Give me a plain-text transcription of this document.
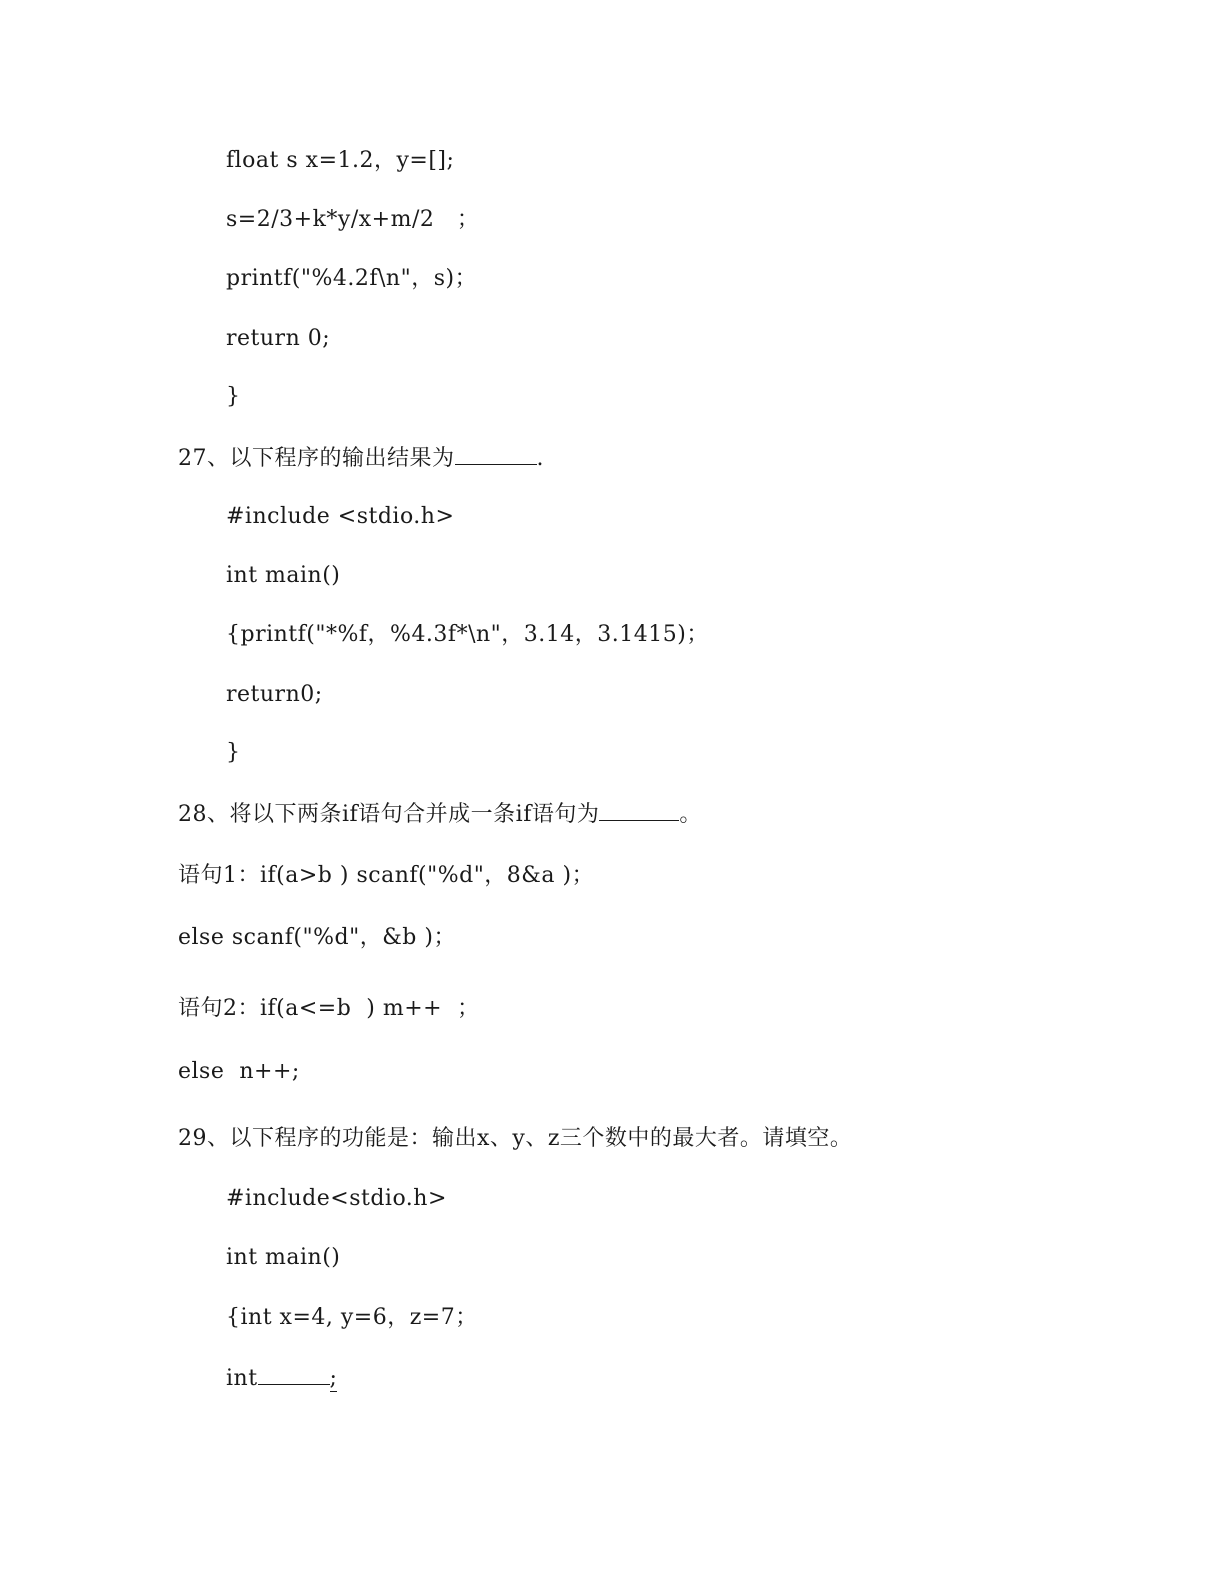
float s x=1.2，y=[];
s=2/3+k*y/x+m/2   ；
printf("%4.2f\n"，s)；
return 0;
}
27、以下程序的输出结果为	.
#include <stdio.h>
int main()
{printf("*%f，%4.3f*\n"，3.14，3.1415)；
return0;
}
28、将以下两条if语句合并成一条if语句为	。
语句1：if(a>b ) scanf("%d"，8&a )；
else scanf("%d"，&b )；
语句2：if(a<=b  ) m++  ；
else  n++;
29、以下程序的功能是：输出x、y、z三个数中的最大者。请填空。
#include<stdio.h>
int main()
{int x=4, y=6，z=7；
int	;
